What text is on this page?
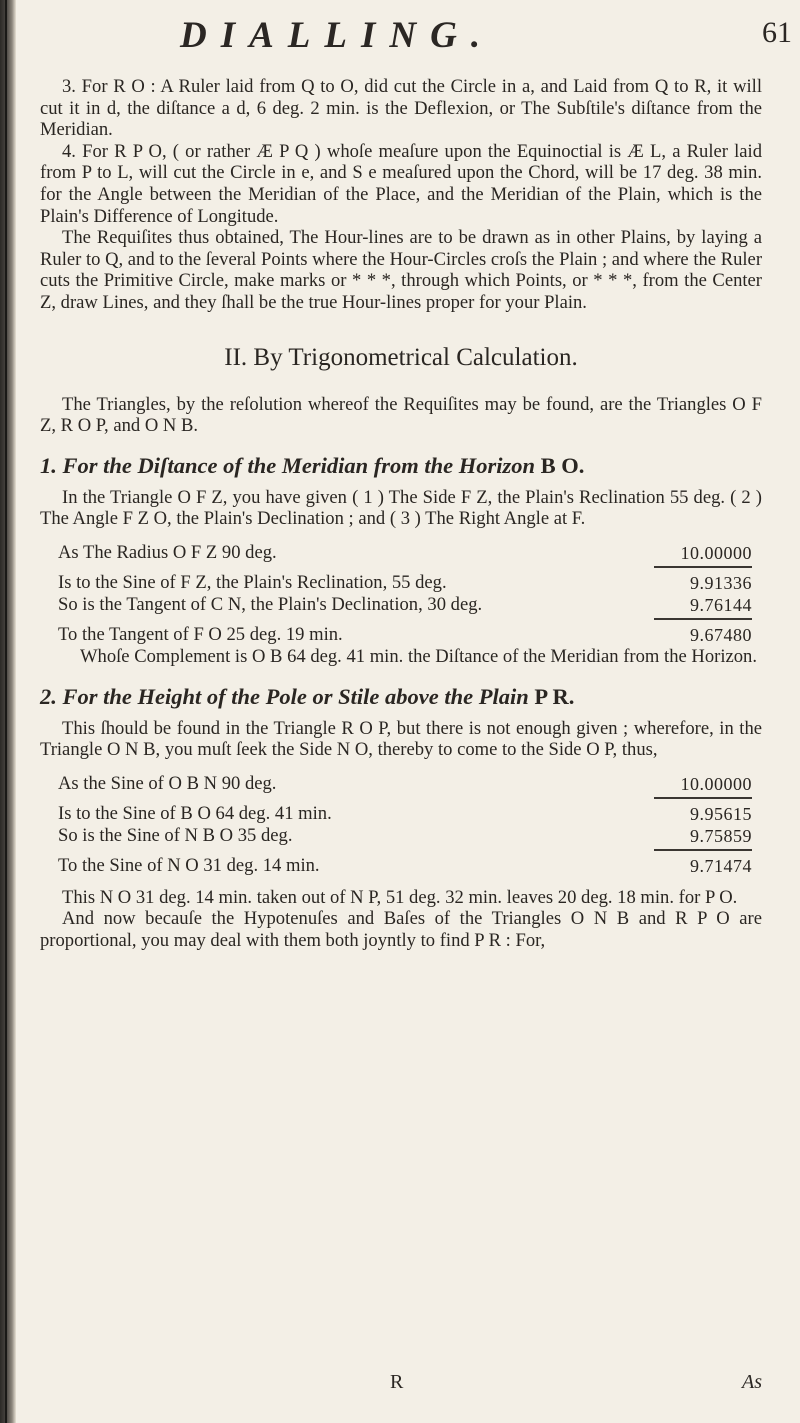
DIALLING.	61

3. For R O : A Ruler laid from Q to O, did cut the Circle in a, and Laid from Q to R, it will cut it in d, the diſtance a d, 6 deg. 2 min. is the Deflexion, or The Subſtile's diſtance from the Meridian.

4. For R P O, ( or rather Æ P Q ) whoſe meaſure upon the Equinoctial is Æ L, a Ruler laid from P to L, will cut the Circle in e, and S e meaſured upon the Chord, will be 17 deg. 38 min. for the Angle between the Meridian of the Place, and the Meridian of the Plain, which is the Plain's Difference of Longitude.

The Requiſites thus obtained, The Hour-lines are to be drawn as in other Plains, by laying a Ruler to Q, and to the ſeveral Points where the Hour-Circles croſs the Plain ; and where the Ruler cuts the Primitive Circle, make marks or * * *, through which Points, or * * *, from the Center Z, draw Lines, and they ſhall be the true Hour-lines proper for your Plain.

II. By Trigonometrical Calculation.

The Triangles, by the reſolution whereof the Requiſites may be found, are the Triangles O F Z, R O P, and O N B.

1. For the Diſtance of the Meridian from the Horizon B O.

In the Triangle O F Z, you have given ( 1 ) The Side F Z, the Plain's Reclination 55 deg. ( 2 ) The Angle F Z O, the Plain's Declination ; and ( 3 ) The Right Angle at F.

As The Radius O F Z 90 deg.	10.00000
Is to the Sine of F Z, the Plain's Reclination, 55 deg.	9.91336
So is the Tangent of C N, the Plain's Declination, 30 deg.	9.76144
To the Tangent of F O 25 deg. 19 min.	9.67480
Whoſe Complement is O B 64 deg. 41 min. the Diſtance of the Meridian from the Horizon.
2. For the Height of the Pole or Stile above the Plain P R.

This ſhould be found in the Triangle R O P, but there is not enough given ; wherefore, in the Triangle O N B, you muſt ſeek the Side N O, thereby to come to the Side O P, thus,

As the Sine of O B N 90 deg.	10.00000
Is to the Sine of B O 64 deg. 41 min.	9.95615
So is the Sine of N B O 35 deg.	9.75859
To the Sine of N O 31 deg. 14 min.	9.71474

This N O 31 deg. 14 min. taken out of N P, 51 deg. 32 min. leaves 20 deg. 18 min. for P O.

And now becauſe the Hypotenuſes and Baſes of the Triangles O N B and R P O are proportional, you may deal with them both joyntly to find P R : For,

R	As
